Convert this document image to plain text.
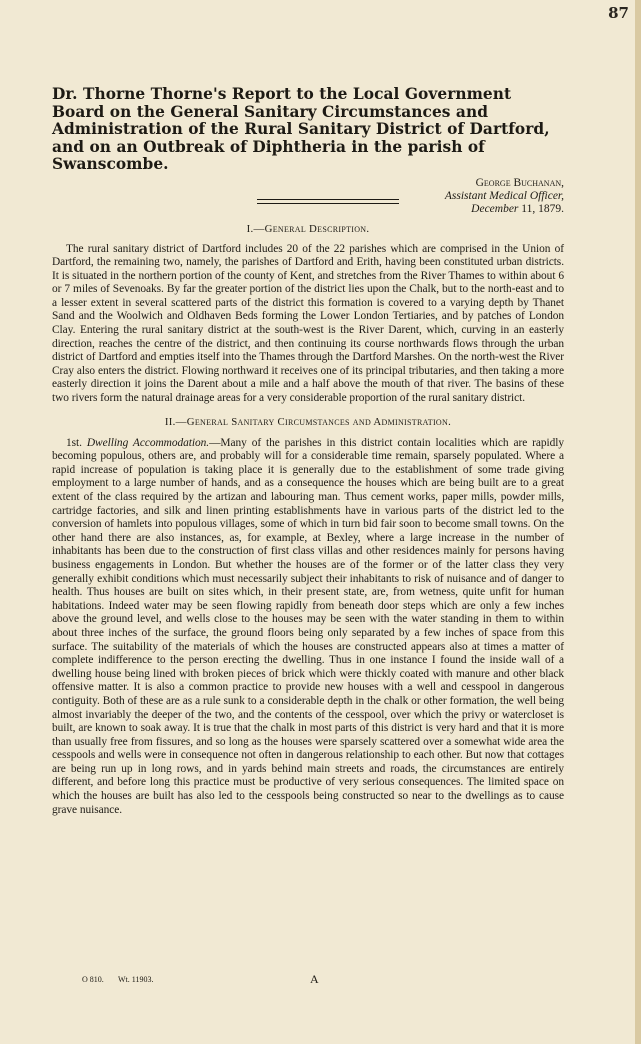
87
Dr. Thorne Thorne's Report to the Local Government Board on the General Sanitary Circumstances and Administration of the Rural Sanitary District of Dartford, and on an Outbreak of Diphtheria in the parish of Swanscombe.
George Buchanan,
Assistant Medical Officer,
December 11, 1879.
I.—General Description.

The rural sanitary district of Dartford includes 20 of the 22 parishes which are comprised in the Union of Dartford, the remaining two, namely, the parishes of Dartford and Erith, having been constituted urban districts. It is situated in the northern portion of the county of Kent, and stretches from the River Thames to within about 6 or 7 miles of Sevenoaks. By far the greater portion of the district lies upon the Chalk, but to the north-east and to a lesser extent in several scattered parts of the district this formation is covered to a varying depth by Thanet Sand and the Woolwich and Oldhaven Beds forming the Lower London Tertiaries, and by patches of London Clay. Entering the rural sanitary district at the south-west is the River Darent, which, curving in an easterly direction, reaches the centre of the district, and then continuing its course northwards flows through the urban district of Dartford and empties itself into the Thames through the Dartford Marshes. On the north-west the River Cray also enters the district. Flowing northward it receives one of its principal tributaries, and then taking a more easterly direction it joins the Darent about a mile and a half above the mouth of that river. The basins of these two rivers form the natural drainage areas for a very considerable proportion of the rural sanitary district.

II.—General Sanitary Circumstances and Administration.

1st. Dwelling Accommodation.—Many of the parishes in this district contain localities which are rapidly becoming populous, others are, and probably will for a considerable time remain, sparsely populated. Where a rapid increase of population is taking place it is generally due to the establishment of some trade giving employment to a large number of hands, and as a consequence the houses which are being built are to a great extent of the class required by the artizan and labouring man. Thus cement works, paper mills, powder mills, cartridge factories, and silk and linen printing establishments have in various parts of the district led to the conversion of hamlets into populous villages, some of which in turn bid fair soon to become small towns. On the other hand there are also instances, as, for example, at Bexley, where a large increase in the number of inhabitants has been due to the construction of first class villas and other residences mainly for persons having business engagements in London. But whether the houses are of the former or of the latter class they very generally exhibit conditions which must necessarily subject their inhabitants to risk of nuisance and of danger to health. Thus houses are built on sites which, in their present state, are, from wetness, quite unfit for human habitations. Indeed water may be seen flowing rapidly from beneath door steps which are only a few inches above the ground level, and wells close to the houses may be seen with the water standing in them to within about three inches of the surface, the ground floors being only separated by a few inches of space from this surface. The suitability of the materials of which the houses are constructed appears also at times a matter of complete indifference to the person erecting the dwelling. Thus in one instance I found the inside wall of a dwelling house being lined with broken pieces of brick which were thickly coated with manure and other black offensive matter. It is also a common practice to provide new houses with a well and cesspool in dangerous contiguity. Both of these are as a rule sunk to a considerable depth in the chalk or other formation, the well being almost invariably the deeper of the two, and the contents of the cesspool, over which the privy or watercloset is built, are known to soak away. It is true that the chalk in most parts of this district is very hard and that it is more than usually free from fissures, and so long as the houses were sparsely scattered over a somewhat wide area the cesspools and wells were in consequence not often in dangerous relationship to each other. But now that cottages are being run up in long rows, and in yards behind main streets and roads, the circumstances are entirely different, and before long this practice must be productive of very serious consequences. The limited space on which the houses are built has also led to the cesspools being constructed so near to the dwellings as to cause grave nuisance.

O 810. Wt. 11903.	A
